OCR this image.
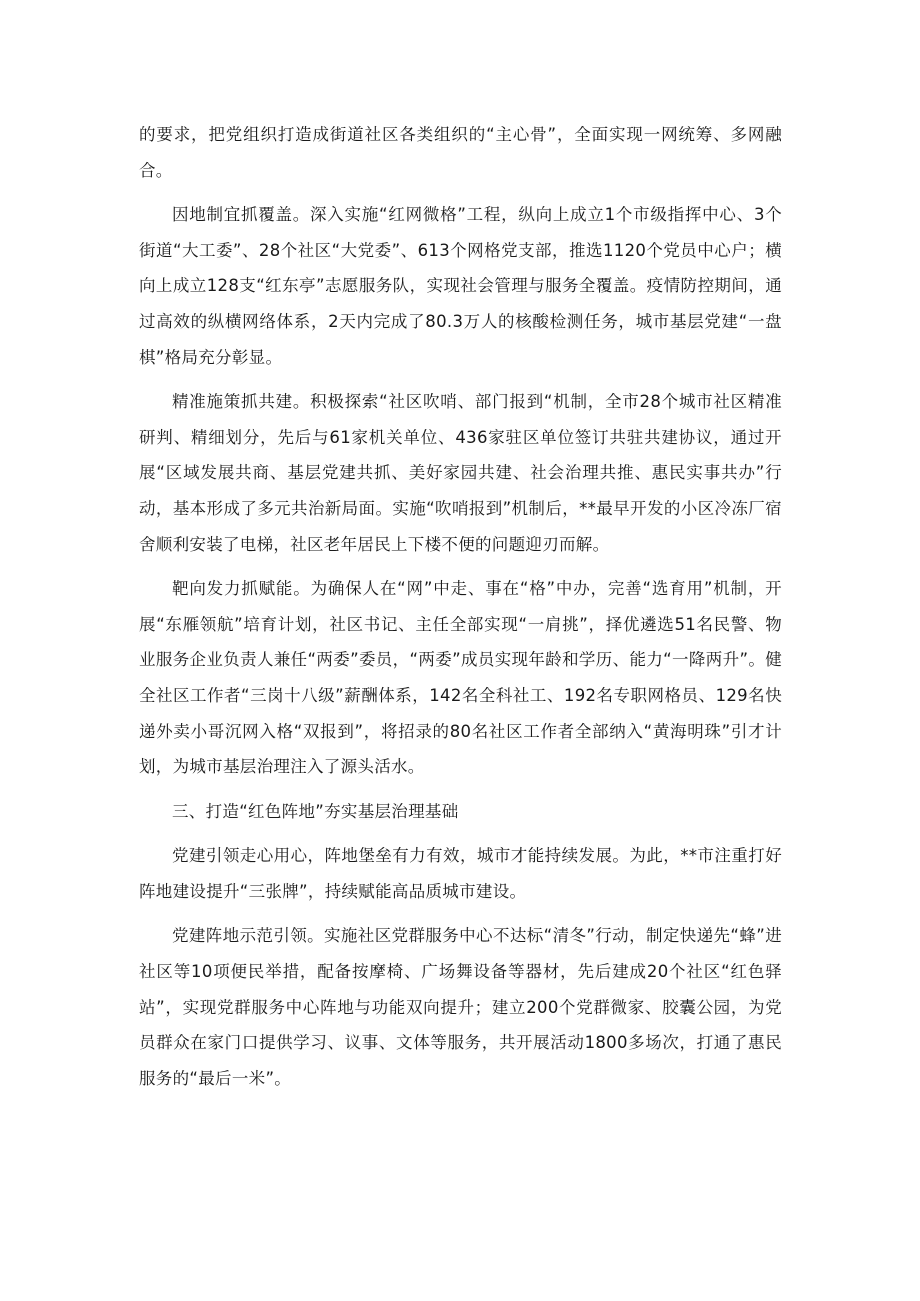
的要求，把党组织打造成街道社区各类组织的“主心骨”，全面实现一网统筹、多网融合。

因地制宜抓覆盖。深入实施“红网微格”工程，纵向上成立1个市级指挥中心、3个街道“大工委”、28个社区“大党委”、613个网格党支部，推选1120个党员中心户；横向上成立128支“红东亭”志愿服务队，实现社会管理与服务全覆盖。疫情防控期间，通过高效的纵横网络体系，2天内完成了80.3万人的核酸检测任务，城市基层党建“一盘棋”格局充分彰显。

精准施策抓共建。积极探索“社区吹哨、部门报到“机制，全市28个城市社区精准研判、精细划分，先后与61家机关单位、436家驻区单位签订共驻共建协议，通过开展“区域发展共商、基层党建共抓、美好家园共建、社会治理共推、惠民实事共办”行动，基本形成了多元共治新局面。实施“吹哨报到”机制后，**最早开发的小区冷冻厂宿舍顺利安装了电梯，社区老年居民上下楼不便的问题迎刃而解。

靶向发力抓赋能。为确保人在“网”中走、事在“格”中办，完善“选育用”机制，开展“东雁领航”培育计划，社区书记、主任全部实现“一肩挑”，择优遴选51名民警、物业服务企业负责人兼任“两委”委员，“两委”成员实现年龄和学历、能力“一降两升”。健全社区工作者“三岗十八级”薪酬体系，142名全科社工、192名专职网格员、129名快递外卖小哥沉网入格“双报到”，将招录的80名社区工作者全部纳入“黄海明珠”引才计划，为城市基层治理注入了源头活水。

三、打造“红色阵地”夯实基层治理基础

党建引领走心用心，阵地堡垒有力有效，城市才能持续发展。为此，**市注重打好阵地建设提升“三张牌”，持续赋能高品质城市建设。

党建阵地示范引领。实施社区党群服务中心不达标“清冬”行动，制定快递先“蜂”进社区等10项便民举措，配备按摩椅、广场舞设备等器材，先后建成20个社区“红色驿站”，实现党群服务中心阵地与功能双向提升；建立200个党群微家、胶囊公园，为党员群众在家门口提供学习、议事、文体等服务，共开展活动1800多场次，打通了惠民服务的“最后一米”。
